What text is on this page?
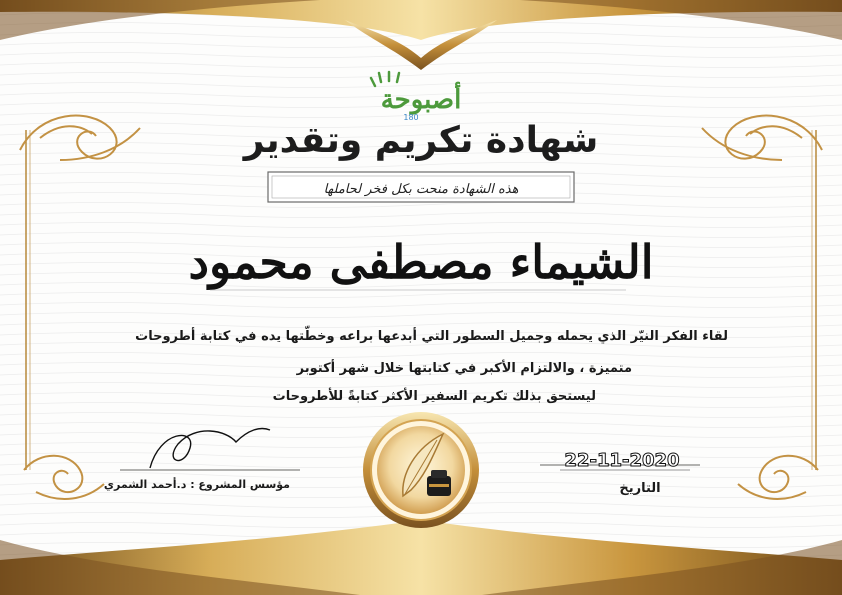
أصبوحة
180
شهادة تكريم وتقدير
هذه الشهادة منحت بكل فخر لحاملها
الشيماء مصطفى محمود
لقاء الفكر النيّر الذي يحمله وجميل السطور التي أبدعها براعه وخطّتها يده في كتابة أطروحات
متميزة ، والالتزام الأكبر في كتابتها خلال شهر أكتوبر
ليستحق بذلك تكريم السفير الأكثر كتابةً للأطروحات
مؤسس المشروع : د.أحمد الشمري
22-11-2020
التاريخ
